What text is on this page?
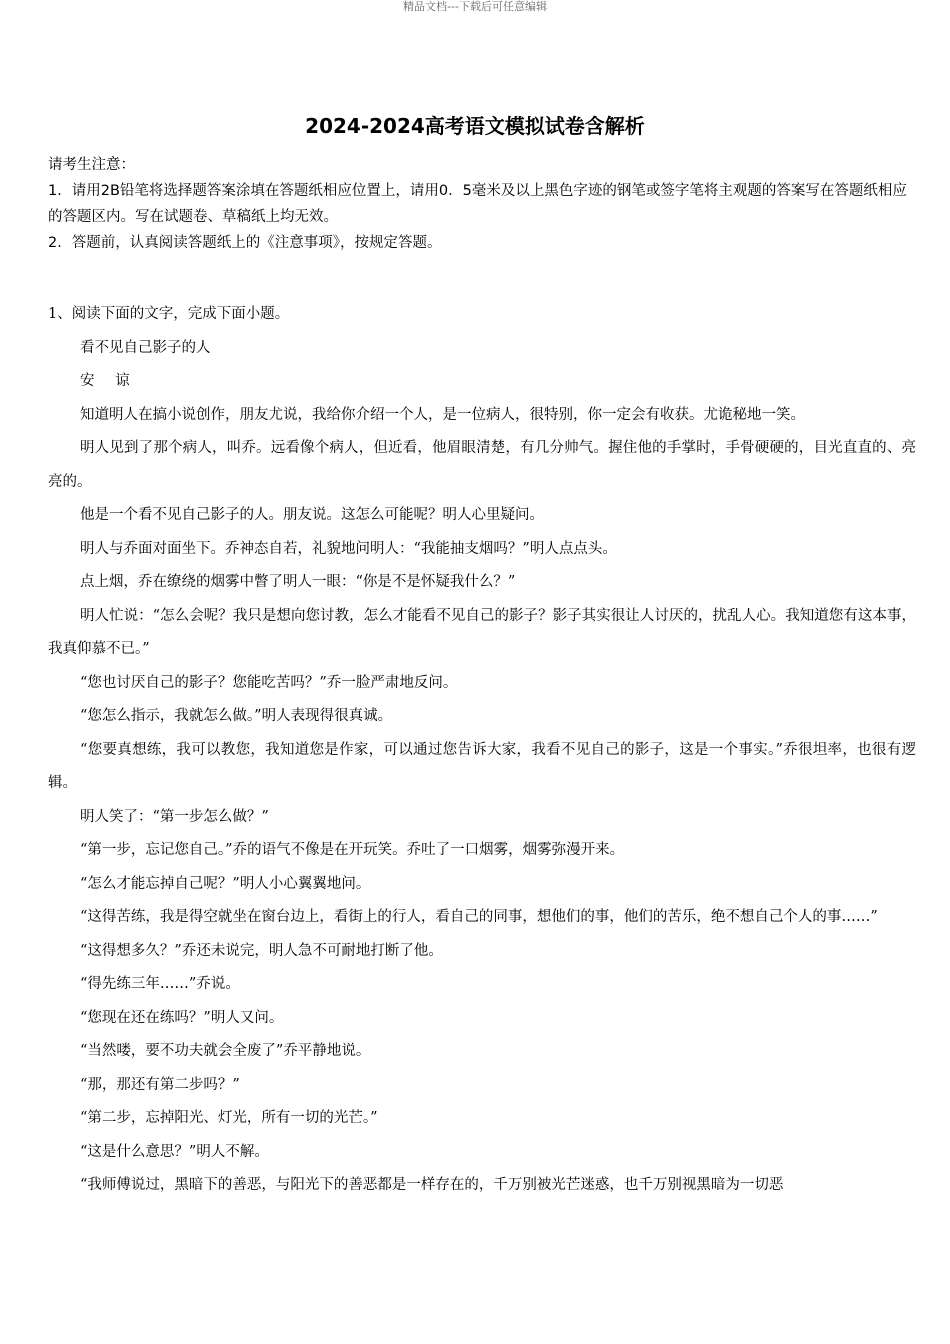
精品文档---下载后可任意编辑
2024-2024高考语文模拟试卷含解析

请考生注意：

1．请用2B铅笔将选择题答案涂填在答题纸相应位置上，请用0．5毫米及以上黑色字迹的钢笔或签字笔将主观题的答案写在答题纸相应的答题区内。写在试题卷、草稿纸上均无效。

2．答题前，认真阅读答题纸上的《注意事项》，按规定答题。

1、阅读下面的文字，完成下面小题。

看不见自己影子的人

安 谅

知道明人在搞小说创作，朋友尤说，我给你介绍一个人，是一位病人，很特别，你一定会有收获。尤诡秘地一笑。

明人见到了那个病人，叫乔。远看像个病人，但近看，他眉眼清楚，有几分帅气。握住他的手掌时，手骨硬硬的，目光直直的、亮亮的。

他是一个看不见自己影子的人。朋友说。这怎么可能呢？明人心里疑问。

明人与乔面对面坐下。乔神态自若，礼貌地问明人：“我能抽支烟吗？”明人点点头。

点上烟，乔在缭绕的烟雾中瞥了明人一眼：“你是不是怀疑我什么？”

明人忙说：“怎么会呢？我只是想向您讨教，怎么才能看不见自己的影子？影子其实很让人讨厌的，扰乱人心。我知道您有这本事，我真仰慕不已。”

“您也讨厌自己的影子？您能吃苦吗？”乔一脸严肃地反问。

“您怎么指示，我就怎么做。”明人表现得很真诚。

“您要真想练，我可以教您，我知道您是作家，可以通过您告诉大家，我看不见自己的影子，这是一个事实。”乔很坦率，也很有逻辑。

明人笑了：“第一步怎么做？”

“第一步，忘记您自己。”乔的语气不像是在开玩笑。乔吐了一口烟雾，烟雾弥漫开来。

“怎么才能忘掉自己呢？”明人小心翼翼地问。

“这得苦练，我是得空就坐在窗台边上，看街上的行人，看自己的同事，想他们的事，他们的苦乐，绝不想自己个人的事……”

“这得想多久？”乔还未说完，明人急不可耐地打断了他。

“得先练三年……”乔说。

“您现在还在练吗？”明人又问。

“当然喽，要不功夫就会全废了”乔平静地说。

“那，那还有第二步吗？”

“第二步，忘掉阳光、灯光，所有一切的光芒。”

“这是什么意思？”明人不解。

“我师傅说过，黑暗下的善恶，与阳光下的善恶都是一样存在的，千万别被光芒迷惑，也千万别视黑暗为一切恶
